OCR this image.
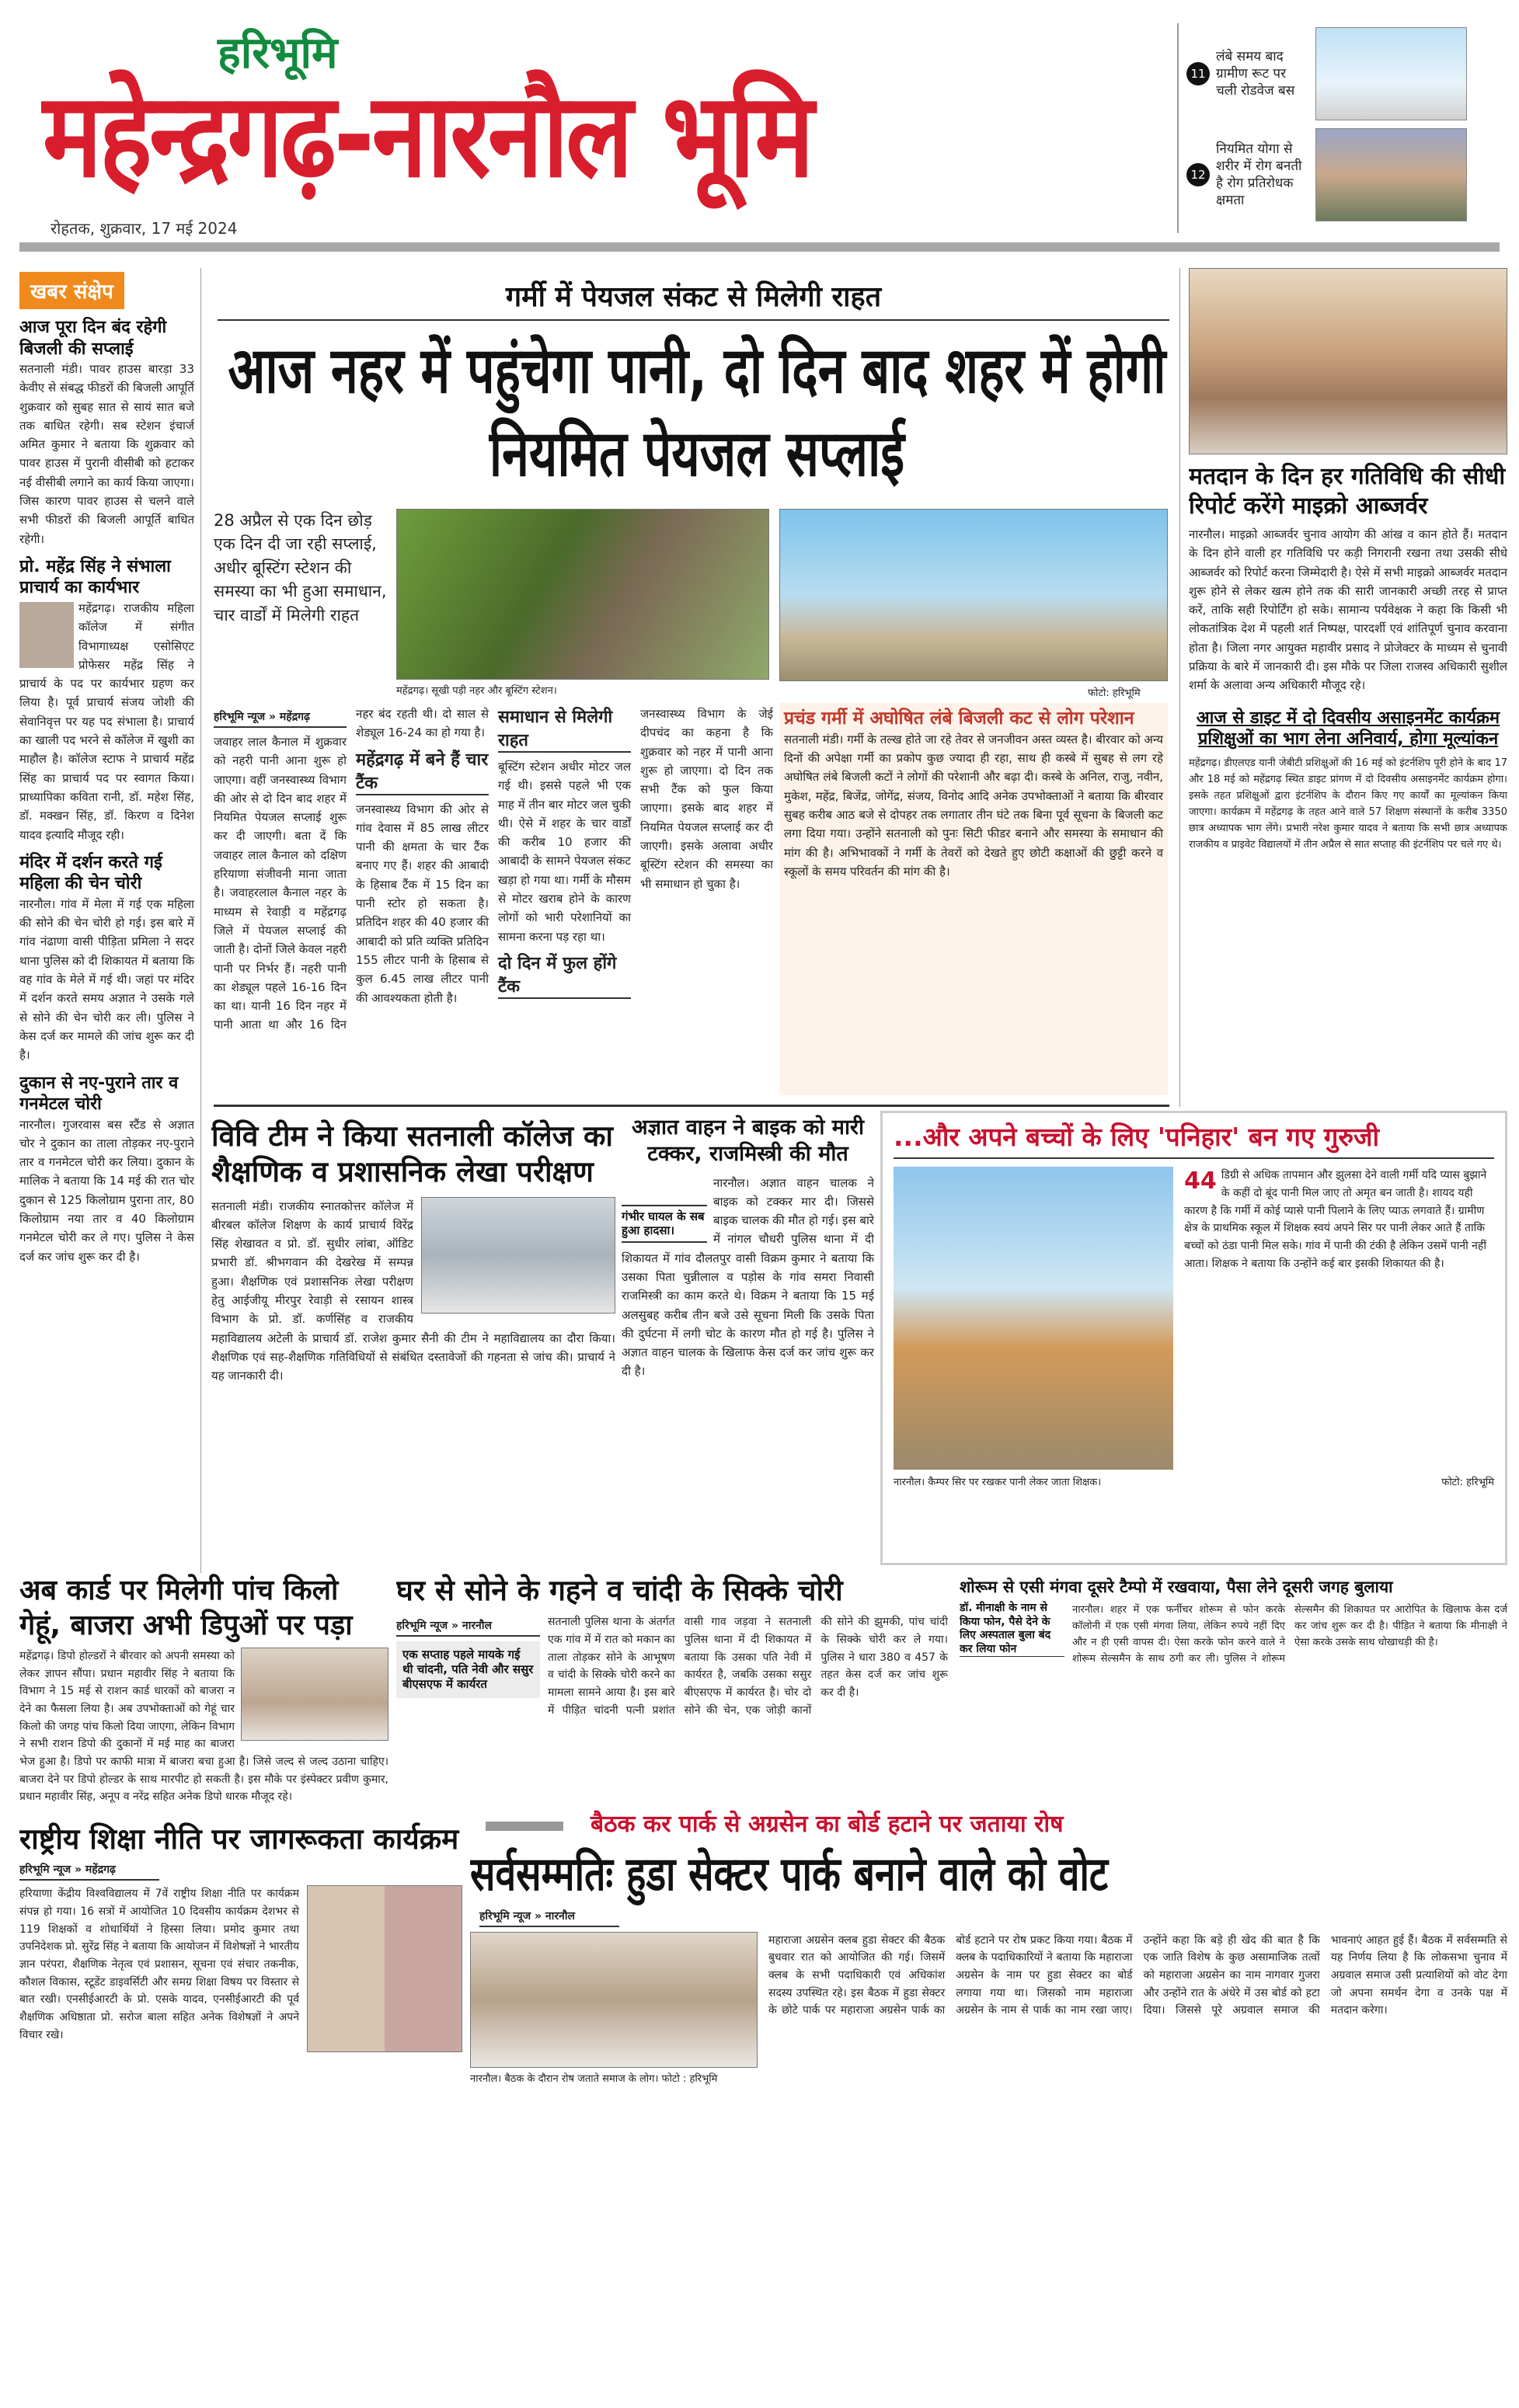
महेन्द्रगढ़-नारनौल भूमि
हरिभूमि
रोहतक, शुक्रवार, 17 मई 2024
11
लंबे समय बाद ग्रामीण रूट पर चली रोडवेज बस
12
नियमित योगा से शरीर में रोग बनती है रोग प्रतिरोधक क्षमता
खबर संक्षेप
आज पूरा दिन बंद रहेगी बिजली की सप्लाई

सतनाली मंडी। पावर हाउस बारड़ा 33 केवीए से संबद्ध फीडरों की बिजली आपूर्ति शुक्रवार को सुबह सात से सायं सात बजे तक बाधित रहेगी। सब स्टेशन इंचार्ज अमित कुमार ने बताया कि शुक्रवार को पावर हाउस में पुरानी वीसीबी को हटाकर नई वीसीबी लगाने का कार्य किया जाएगा। जिस कारण पावर हाउस से चलने वाले सभी फीडरों की बिजली आपूर्ति बाधित रहेगी।

प्रो. महेंद्र सिंह ने संभाला प्राचार्य का कार्यभार

महेंद्रगढ़। राजकीय महिला कॉलेज में संगीत विभागाध्यक्ष एसोसिएट प्रोफेसर महेंद्र सिंह ने प्राचार्य के पद पर कार्यभार ग्रहण कर लिया है। पूर्व प्राचार्य संजय जोशी की सेवानिवृत्त पर यह पद संभाला है। प्राचार्य का खाली पद भरने से कॉलेज में खुशी का माहौल है। कॉलेज स्टाफ ने प्राचार्य महेंद्र सिंह का प्राचार्य पद पर स्वागत किया। प्राध्यापिका कविता रानी, डॉ. महेश सिंह, डॉ. मक्खन सिंह, डॉ. किरण व दिनेश यादव इत्यादि मौजूद रही।

मंदिर में दर्शन करते गई महिला की चेन चोरी

नारनौल। गांव में मेला में गई एक महिला की सोने की चेन चोरी हो गई। इस बारे में गांव नंढाणा वासी पीड़िता प्रमिला ने सदर थाना पुलिस को दी शिकायत में बताया कि वह गांव के मेले में गई थी। जहां पर मंदिर में दर्शन करते समय अज्ञात ने उसके गले से सोने की चेन चोरी कर ली। पुलिस ने केस दर्ज कर मामले की जांच शुरू कर दी है।

दुकान से नए-पुराने तार व गनमेटल चोरी

नारनौल। गुजरवास बस स्टैंड से अज्ञात चोर ने दुकान का ताला तोड़कर नए-पुराने तार व गनमेटल चोरी कर लिया। दुकान के मालिक ने बताया कि 14 मई की रात चोर दुकान से 125 किलोग्राम पुराना तार, 80 किलोग्राम नया तार व 40 किलोग्राम गनमेटल चोरी कर ले गए। पुलिस ने केस दर्ज कर जांच शुरू कर दी है।

गर्मी में पेयजल संकट से मिलेगी राहत
आज नहर में पहुंचेगा पानी, दो दिन बाद शहर में होगी नियमित पेयजल सप्लाई
28 अप्रैल से एक दिन छोड़ एक दिन दी जा रही सप्लाई, अधीर बूस्टिंग स्टेशन की समस्या का भी हुआ समाधान, चार वार्डों में मिलेगी राहत
महेंद्रगढ़। सूखी पड़ी नहर और बूस्टिंग स्टेशन।
हरिभूमि न्यूज » महेंद्रगढ़

जवाहर लाल कैनाल में शुक्रवार को नहरी पानी आना शुरू हो जाएगा। वहीं जनस्वास्थ्य विभाग की ओर से दो दिन बाद शहर में नियमित पेयजल सप्लाई शुरू कर दी जाएगी। बता दें कि जवाहर लाल कैनाल को दक्षिण हरियाणा संजीवनी माना जाता है। जवाहरलाल कैनाल नहर के माध्यम से रेवाड़ी व महेंद्रगढ़ जिले में पेयजल सप्लाई की जाती है। दोनों जिले केवल नहरी पानी पर निर्भर हैं। नहरी पानी का शेड्यूल पहले 16-16 दिन का था। यानी 16 दिन नहर में पानी आता था और 16 दिन नहर बंद रहती थी। दो साल से शेड्यूल 16-24 का हो गया है।

महेंद्रगढ़ में बने हैं चार टैंक

जनस्वास्थ्य विभाग की ओर से गांव देवास में 85 लाख लीटर पानी की क्षमता के चार टैंक बनाए गए हैं। शहर की आबादी के हिसाब टैंक में 15 दिन का पानी स्टोर हो सकता है। प्रतिदिन शहर की 40 हजार की आबादी को प्रति व्यक्ति प्रतिदिन 155 लीटर पानी के हिसाब से कुल 6.45 लाख लीटर पानी की आवश्यकता होती है।

समाधान से मिलेगी राहत

बूस्टिंग स्टेशन अधीर मोटर जल गई थी। इससे पहले भी एक माह में तीन बार मोटर जल चुकी थी। ऐसे में शहर के चार वार्डों की करीब 10 हजार की आबादी के सामने पेयजल संकट खड़ा हो गया था। गर्मी के मौसम से मोटर खराब होने के कारण लोगों को भारी परेशानियों का सामना करना पड़ रहा था।

दो दिन में फुल होंगे टैंक

जनस्वास्थ्य विभाग के जेई दीपचंद का कहना है कि शुक्रवार को नहर में पानी आना शुरू हो जाएगा। दो दिन तक सभी टैंक को फुल किया जाएगा। इसके बाद शहर में नियमित पेयजल सप्लाई कर दी जाएगी। इसके अलावा अधीर बूस्टिंग स्टेशन की समस्या का भी समाधान हो चुका है।

फोटो: हरिभूमि
प्रचंड गर्मी में अघोषित लंबे बिजली कट से लोग परेशान

सतनाली मंडी। गर्मी के तल्ख होते जा रहे तेवर से जनजीवन अस्त व्यस्त है। बीरवार को अन्य दिनों की अपेक्षा गर्मी का प्रकोप कुछ ज्यादा ही रहा, साथ ही कस्बे में सुबह से लग रहे अघोषित लंबे बिजली कटों ने लोगों की परेशानी और बढ़ा दी। कस्बे के अनिल, राजु, नवीन, मुकेश, महेंद्र, बिजेंद्र, जोगेंद्र, संजय, विनोद आदि अनेक उपभोक्ताओं ने बताया कि बीरवार सुबह करीब आठ बजे से दोपहर तक लगातार तीन घंटे तक बिना पूर्व सूचना के बिजली कट लगा दिया गया। उन्होंने सतनाली को पुनः सिटी फीडर बनाने और समस्या के समाधान की मांग की है। अभिभावकों ने गर्मी के तेवरों को देखते हुए छोटी कक्षाओं की छुट्टी करने व स्कूलों के समय परिवर्तन की मांग की है।

मतदान के दिन हर गतिविधि की सीधी रिपोर्ट करेंगे माइक्रो आब्जर्वर

नारनौल। माइक्रो आब्जर्वर चुनाव आयोग की आंख व कान होते हैं। मतदान के दिन होने वाली हर गतिविधि पर कड़ी निगरानी रखना तथा उसकी सीधे आब्जर्वर को रिपोर्ट करना जिम्मेदारी है। ऐसे में सभी माइक्रो आब्जर्वर मतदान शुरू होने से लेकर खत्म होने तक की सारी जानकारी अच्छी तरह से प्राप्त करें, ताकि सही रिपोर्टिंग हो सके। सामान्य पर्यवेक्षक ने कहा कि किसी भी लोकतांत्रिक देश में पहली शर्त निष्पक्ष, पारदर्शी एवं शांतिपूर्ण चुनाव करवाना होता है। जिला नगर आयुक्त महावीर प्रसाद ने प्रोजेक्टर के माध्यम से चुनावी प्रक्रिया के बारे में जानकारी दी। इस मौके पर जिला राजस्व अधिकारी सुशील शर्मा के अलावा अन्य अधिकारी मौजूद रहे।

आज से डाइट में दो दिवसीय असाइनमेंट कार्यक्रम प्रशिक्षुओं का भाग लेना अनिवार्य, होगा मूल्यांकन

महेंद्रगढ़। डीएलएड यानी जेबीटी प्रशिक्षुओं की 16 मई को इंटर्नशिप पूरी होने के बाद 17 और 18 मई को महेंद्रगढ़ स्थित डाइट प्रांगण में दो दिवसीय असाइनमेंट कार्यक्रम होगा। इसके तहत प्रशिक्षुओं द्वारा इंटर्नशिप के दौरान किए गए कार्यों का मूल्यांकन किया जाएगा। कार्यक्रम में महेंद्रगढ़ के तहत आने वाले 57 शिक्षण संस्थानों के करीब 3350 छात्र अध्यापक भाग लेंगे। प्रभारी नरेश कुमार यादव ने बताया कि सभी छात्र अध्यापक राजकीय व प्राइवेट विद्यालयों में तीन अप्रैल से सात सप्ताह की इंटर्नशिप पर चले गए थे।

विवि टीम ने किया सतनाली कॉलेज का शैक्षणिक व प्रशासनिक लेखा परीक्षण

सतनाली मंडी। राजकीय स्नातकोत्तर कॉलेज में बीरबल कॉलेज शिक्षण के कार्य प्राचार्य विरेंद्र सिंह शेखावत व प्रो. डॉ. सुधीर लांबा, ऑडिट प्रभारी डॉ. श्रीभगवान की देखरेख में सम्पन्न हुआ। शैक्षणिक एवं प्रशासनिक लेखा परीक्षण हेतु आईजीयू मीरपुर रेवाड़ी से रसायन शास्त्र विभाग के प्रो. डॉ. कर्णसिंह व राजकीय महाविद्यालय अटेली के प्राचार्य डॉ. राजेश कुमार सैनी की टीम ने महाविद्यालय का दौरा किया। शैक्षणिक एवं सह-शैक्षणिक गतिविधियों से संबंधित दस्तावेजों की गहनता से जांच की। प्राचार्य ने यह जानकारी दी।

अज्ञात वाहन ने बाइक को मारी टक्कर, राजमिस्त्री की मौत
गंभीर घायल के सब हुआ हादसा।

नारनौल। अज्ञात वाहन चालक ने बाइक को टक्कर मार दी। जिससे बाइक चालक की मौत हो गई। इस बारे में नांगल चौधरी पुलिस थाना में दी शिकायत में गांव दौलतपुर वासी विक्रम कुमार ने बताया कि उसका पिता चुन्नीलाल व पड़ोस के गांव समरा निवासी राजमिस्त्री का काम करते थे। विक्रम ने बताया कि 15 मई अलसुबह करीब तीन बजे उसे सूचना मिली कि उसके पिता की दुर्घटना में लगी चोट के कारण मौत हो गई है। पुलिस ने अज्ञात वाहन चालक के खिलाफ केस दर्ज कर जांच शुरू कर दी है।

...और अपने बच्चों के लिए 'पनिहार' बन गए गुरुजी
44 डिग्री से अधिक तापमान और झुलसा देने वाली गर्मी यदि प्यास बुझाने के कहीं दो बूंद पानी मिल जाए तो अमृत बन जाती है। शायद यही कारण है कि गर्मी में कोई प्यासे पानी पिलाने के लिए प्याऊ लगवाते हैं। ग्रामीण क्षेत्र के प्राथमिक स्कूल में शिक्षक स्वयं अपने सिर पर पानी लेकर आते हैं ताकि बच्चों को ठंडा पानी मिल सके। गांव में पानी की टंकी है लेकिन उसमें पानी नहीं आता। शिक्षक ने बताया कि उन्होंने कई बार इसकी शिकायत की है।
नारनौल। कैम्पर सिर पर रखकर पानी लेकर जाता शिक्षक।	फोटो: हरिभूमि
अब कार्ड पर मिलेगी पांच किलो गेहूं, बाजरा अभी डिपुओं पर पड़ा

महेंद्रगढ़। डिपो होल्डरों ने बीरवार को अपनी समस्या को लेकर ज्ञापन सौंपा। प्रधान महावीर सिंह ने बताया कि विभाग ने 15 मई से राशन कार्ड धारकों को बाजरा न देने का फैसला लिया है। अब उपभोक्ताओं को गेहूं चार किलो की जगह पांच किलो दिया जाएगा, लेकिन विभाग ने सभी राशन डिपो की दुकानों में मई माह का बाजरा भेज हुआ है। डिपो पर काफी मात्रा में बाजरा बचा हुआ है। जिसे जल्द से जल्द उठाना चाहिए। बाजरा देने पर डिपो होल्डर के साथ मारपीट हो सकती है। इस मौके पर इंस्पेक्टर प्रवीण कुमार, प्रधान महावीर सिंह, अनूप व नरेंद्र सहित अनेक डिपो धारक मौजूद रहे।

घर से सोने के गहने व चांदी के सिक्के चोरी
हरिभूमि न्यूज » नारनौल
एक सप्ताह पहले मायके गई थी चांदनी, पति नेवी और ससुर बीएसएफ में कार्यरत

सतनाली पुलिस थाना के अंतर्गत एक गांव में में रात को मकान का ताला तोड़कर सोने के आभूषण व चांदी के सिक्के चोरी करने का मामला सामने आया है। इस बारे में पीड़ित चांदनी पत्नी प्रशांत वासी गाव जड़वा ने सतनाली पुलिस थाना में दी शिकायत में बताया कि उसका पति नेवी में कार्यरत है, जबकि उसका ससुर बीएसएफ में कार्यरत है। चोर दो सोने की चेन, एक जोड़ी कानों की सोने की झुमकी, पांच चांदी के सिक्के चोरी कर ले गया। पुलिस ने धारा 380 व 457 के तहत केस दर्ज कर जांच शुरू कर दी है।

शोरूम से एसी मंगवा दूसरे टैम्पो में रखवाया, पैसा लेने दूसरी जगह बुलाया
डॉ. मीनाक्षी के नाम से किया फोन, पैसे देने के लिए अस्पताल बुला बंद कर लिया फोन

नारनौल। शहर में एक फर्नीचर शोरूम से फोन करके कॉलोनी में एक एसी मंगवा लिया, लेकिन रुपये नहीं दिए और न ही एसी वापस दी। ऐसा करके फोन करने वाले ने शोरूम सेल्समैन के साथ ठगी कर ली। पुलिस ने शोरूम सेल्समैन की शिकायत पर आरोपित के खिलाफ केस दर्ज कर जांच शुरू कर दी है। पीड़ित ने बताया कि मीनाक्षी ने ऐसा करके उसके साथ धोखाधड़ी की है।

राष्ट्रीय शिक्षा नीति पर जागरूकता कार्यक्रम
हरिभूमि न्यूज » महेंद्रगढ़

हरियाणा केंद्रीय विश्वविद्यालय में 7वें राष्ट्रीय शिक्षा नीति पर कार्यक्रम संपन्न हो गया। 16 सत्रों में आयोजित 10 दिवसीय कार्यक्रम देशभर से 119 शिक्षकों व शोधार्थियों ने हिस्सा लिया। प्रमोद कुमार तथा उपनिदेशक प्रो. सुरेंद्र सिंह ने बताया कि आयोजन में विशेषज्ञों ने भारतीय ज्ञान परंपरा, शैक्षणिक नेतृत्व एवं प्रशासन, सूचना एवं संचार तकनीक, कौशल विकास, स्टूडेंट डाइवर्सिटी और समग्र शिक्षा विषय पर विस्तार से बात रखी। एनसीईआरटी के प्रो. एसके यादव, एनसीईआरटी की पूर्व शैक्षणिक अधिष्ठाता प्रो. सरोज बाला सहित अनेक विशेषज्ञों ने अपने विचार रखे।

बैठक कर पार्क से अग्रसेन का बोर्ड हटाने पर जताया रोष
सर्वसम्मतिः हुडा सेक्टर पार्क बनाने वाले को वोट
हरिभूमि न्यूज » नारनौल
नारनौल। बैठक के दौरान रोष जताते समाज के लोग। फोटो : हरिभूमि

महाराजा अग्रसेन क्लब हुडा सेक्टर की बैठक बुधवार रात को आयोजित की गई। जिसमें क्लब के सभी पदाधिकारी एवं अधिकांश सदस्य उपस्थित रहे। इस बैठक में हुडा सेक्टर के छोटे पार्क पर महाराजा अग्रसेन पार्क का बोर्ड हटाने पर रोष प्रकट किया गया। बैठक में क्लब के पदाधिकारियों ने बताया कि महाराजा अग्रसेन के नाम पर हुडा सेक्टर का बोर्ड लगाया गया था। जिसको नाम महाराजा अग्रसेन के नाम से पार्क का नाम रखा जाए। उन्होंने कहा कि बड़े ही खेद की बात है कि एक जाति विशेष के कुछ असामाजिक तत्वों को महाराजा अग्रसेन का नाम नागवार गुजरा और उन्होंने रात के अंधेरे में उस बोर्ड को हटा दिया। जिससे पूरे अग्रवाल समाज की भावनाएं आहत हुई हैं। बैठक में सर्वसम्मति से यह निर्णय लिया है कि लोकसभा चुनाव में अग्रवाल समाज उसी प्रत्याशियों को वोट देगा जो अपना समर्थन देगा व उनके पक्ष में मतदान करेगा।
